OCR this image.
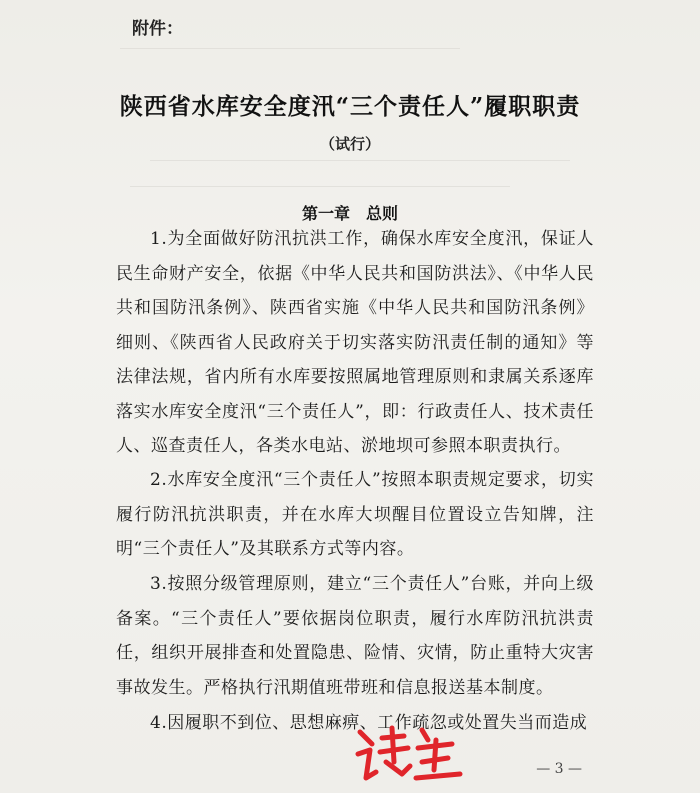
附件：
陕西省水库安全度汛“三个责任人”履职职责
（试行）
第一章　总则
1.为全面做好防汛抗洪工作，确保水库安全度汛，保证人民生命财产安全，依据《中华人民共和国防洪法》、《中华人民共和国防汛条例》、陕西省实施《中华人民共和国防汛条例》细则、《陕西省人民政府关于切实落实防汛责任制的通知》等法律法规，省内所有水库要按照属地管理原则和隶属关系逐库落实水库安全度汛“三个责任人”，即：行政责任人、技术责任人、巡查责任人，各类水电站、淤地坝可参照本职责执行。
2.水库安全度汛“三个责任人”按照本职责规定要求，切实履行防汛抗洪职责，并在水库大坝醒目位置设立告知牌，注明“三个责任人”及其联系方式等内容。
3.按照分级管理原则，建立“三个责任人”台账，并向上级备案。“三个责任人”要依据岗位职责，履行水库防汛抗洪责任，组织开展排查和处置隐患、险情、灾情，防止重特大灾害事故发生。严格执行汛期值班带班和信息报送基本制度。
4.因履职不到位、思想麻痹、工作疏忽或处置失当而造成
— 3 —
